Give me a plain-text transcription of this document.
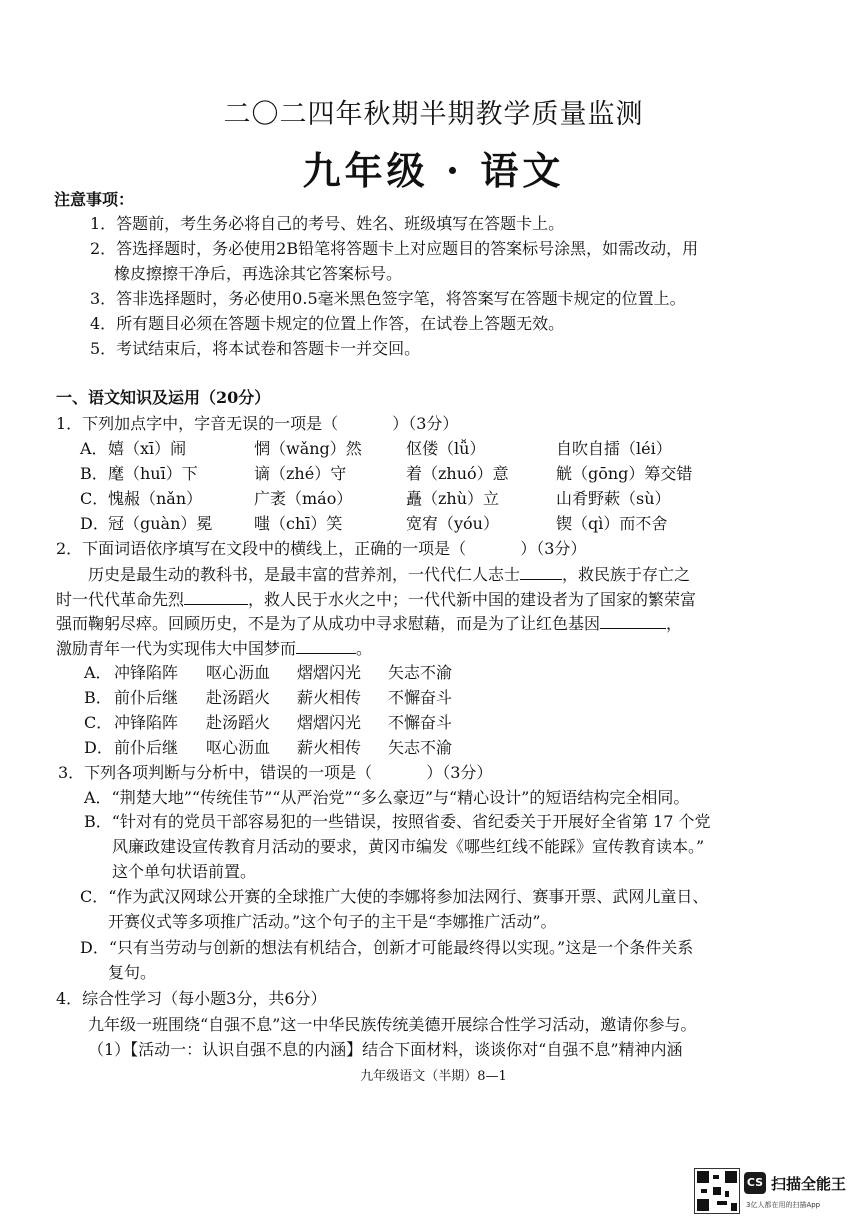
二〇二四年秋期半期教学质量监测
九年级 · 语文
注意事项：
1．答题前，考生务必将自己的考号、姓名、班级填写在答题卡上。
2．答选择题时，务必使用2B铅笔将答题卡上对应题目的答案标号涂黑，如需改动，用
橡皮擦擦干净后，再选涂其它答案标号。
3．答非选择题时，务必使用0.5毫米黑色签字笔，将答案写在答题卡规定的位置上。
4．所有题目必须在答题卡规定的位置上作答，在试卷上答题无效。
5．考试结束后，将本试卷和答题卡一并交回。
一、语文知识及运用（20分）
1．下列加点字中，字音无误的一项是（	）（3分）
A． 嬉（xī）闹	惘（wǎng）然	伛偻（lǚ）	自吹自擂（léi）
B． 麾（huī）下	谪（zhé）守	着（zhuó）意	觥（gōng）筹交错
C． 愧赧（nǎn）	广袤（máo）	矗（zhù）立	山肴野蔌（sù）
D． 冠（guàn）冕	嗤（chī）笑	宽宥（yóu）	锲（qì）而不舍
2．下面词语依序填写在文段中的横线上，正确的一项是（	）（3分）
历史是最生动的教科书，是最丰富的营养剂，一代代仁人志士	，救民族于存亡之
时一代代革命先烈	，救人民于水火之中；一代代新中国的建设者为了国家的繁荣富
强而鞠躬尽瘁。回顾历史，不是为了从成功中寻求慰藉，而是为了让红色基因	，
激励青年一代为实现伟大中国梦而	。
A． 冲锋陷阵 呕心沥血 熠熠闪光 矢志不渝
B． 前仆后继 赴汤蹈火 薪火相传 不懈奋斗
C． 冲锋陷阵 赴汤蹈火 熠熠闪光 不懈奋斗
D． 前仆后继 呕心沥血 薪火相传 矢志不渝
3．下列各项判断与分析中，错误的一项是（	）（3分）
A．“荆楚大地”“传统佳节”“从严治党”“多么豪迈”与“精心设计”的短语结构完全相同。
B．“针对有的党员干部容易犯的一些错误，按照省委、省纪委关于开展好全省第 17 个党
风廉政建设宣传教育月活动的要求，黄冈市编发《哪些红线不能踩》宣传教育读本。”
这个单句状语前置。
C．“作为武汉网球公开赛的全球推广大使的李娜将参加法网行、赛事开票、武网儿童日、
开赛仪式等多项推广活动。”这个句子的主干是“李娜推广活动”。
D．“只有当劳动与创新的想法有机结合，创新才可能最终得以实现。”这是一个条件关系
复句。
4．综合性学习（每小题3分，共6分）
九年级一班围绕“自强不息”这一中华民族传统美德开展综合性学习活动，邀请你参与。
（1）【活动一：认识自强不息的内涵】结合下面材料，谈谈你对“自强不息”精神内涵
九年级语文（半期）8—1
CS 扫描全能王
3亿人都在用的扫描App
